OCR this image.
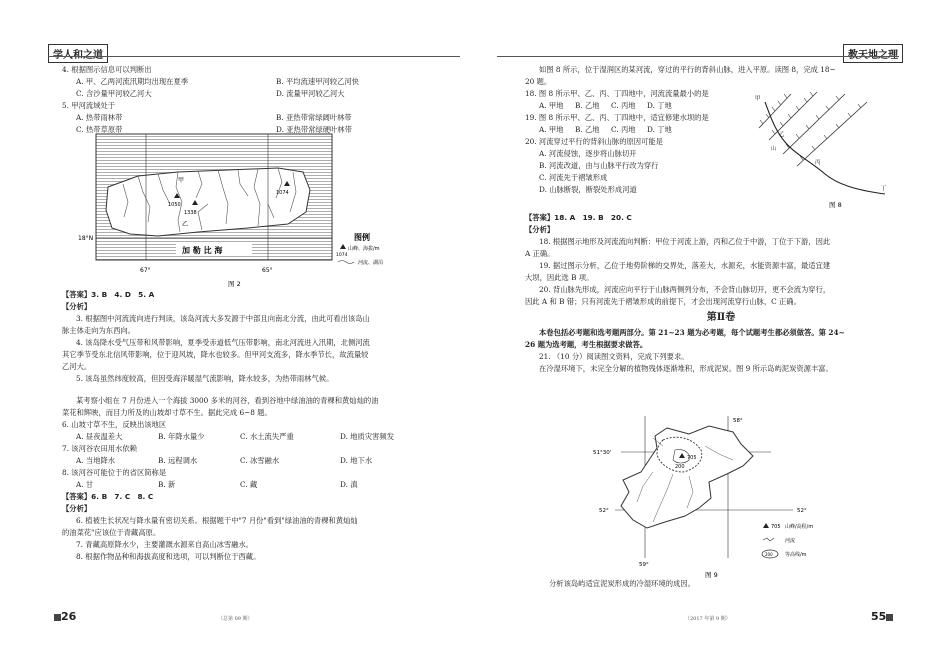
4. 根据图示信息可以判断出

A. 甲、乙两河流汛期均出现在夏季	B. 平均流速甲河较乙河快
C. 含沙量甲河较乙河大	D. 流量甲河较乙河大

5. 甲河流域处于

A. 热带雨林带	B. 亚热带常绿阔叶林带
C. 热带草原带	D. 亚热带常绿硬叶林带
1050
1338
1074
甲
乙
18°N
67°	65°
加 勒 比 海
图例
山峰、海拔/m
1074
河流、湖泊
图 2

【答案】3. B　4. D　5. A

【分析】

3. 根据图中河流流向进行判读，该岛河流大多发源于中部且向南北分流，由此可看出该岛山

脉主体走向为东西向。

4. 该岛降水受气压带和风带影响，夏季受赤道低气压带影响，南北河流进入汛期，北侧河流

其它季节受东北信风带影响，位于迎风坡，降水也较多。但甲河支流多，降水季节长，故流量较

乙河大。

5. 该岛虽然纬度较高，但因受海洋暖湿气流影响，降水较多，为热带雨林气候。

某考察小组在 7 月份进入一个海拔 3000 多米的河谷，看到谷地中绿油油的青稞和黄灿灿的油

菜花和辉映，而目力所及的山坡却寸草不生。据此完成 6~8 题。

6. 山坡寸草不生，反映出该地区

A. 昼夜温差大	B. 年降水量少	C. 水土流失严重	D. 地质灾害频发

7. 该河谷农田用水依赖

A. 当地降水	B. 远程调水	C. 冰雪融水	D. 地下水

8. 该河谷可能位于的省区简称是

A. 甘	B. 新	C. 藏	D. 滇

【答案】6. B　7. C　8. C

【分析】

6. 植被生长状况与降水量有密切关系。根据题干中"7 月份"看到"绿油油的青稞和黄灿灿

的油菜花"应该位于青藏高原。

7. 青藏高原降水少，主要灌溉水源来自高山冰雪融水。

8. 根据作物品种和海拔高度和选项，可以判断位于西藏。

26	（总第 09 期）

如图 8 所示，位于湿润区的某河流，穿过的平行的背斜山脉，进入平原。读图 8，完成 18~

20 题。

18. 图 8 所示甲、乙、丙、丁四地中，河流流量最小的是

A. 甲地	B. 乙地	C. 丙地	D. 丁地

19. 图 8 所示甲、乙、丙、丁四地中，适宜修建水坝的是

A. 甲地	B. 乙地	C. 丙地	D. 丁地

20. 河流穿过平行的背斜山脉的原因可能是

A. 河流侵蚀，逐步将山脉切开

B. 河流改道，由与山脉平行改为穿行

C. 河流先于褶皱形成

D. 山脉断裂，断裂处形成河道

甲
乙
丙
丁
山
图 8

【答案】18. A　19. B　20. C

【分析】

18. 根据图示地形及河流流向判断：甲位于河流上游，丙和乙位于中游，丁位于下游，因此

A 正确。

19. 据过图示分析，乙位于地势阶梯的交界处，落差大，水源充，水能资源丰富，最适宜建

大坝，因此选 B 项。

20. 背山脉先形成，河流应向平行于山脉两侧列分布，不会背山脉切开，更不会流为穿行，

因此 A 和 B 错；只有河流先于褶皱形成的前提下，才会出现河流穿行山脉，C 正确。

第Ⅱ卷

本卷包括必考题和选考题两部分。第 21~23 题为必考题，每个试题考生都必须做答。第 24~

26 题为选考题，考生根据要求做答。

21. （10 分）阅读图文资料，完成下列要求。

在冷湿环境下，未完全分解的植物残体逐渐堆积，形成泥炭。图 9 所示岛屿泥炭资源丰富。

705
200
58°
51°30'
52°	52°
59°
705 山峰/高程/m
河流
200 等高线/m
图 9

分析该岛屿适宜泥炭形成的冷湿环境的成因。

55
（2017 年第 9 期）
